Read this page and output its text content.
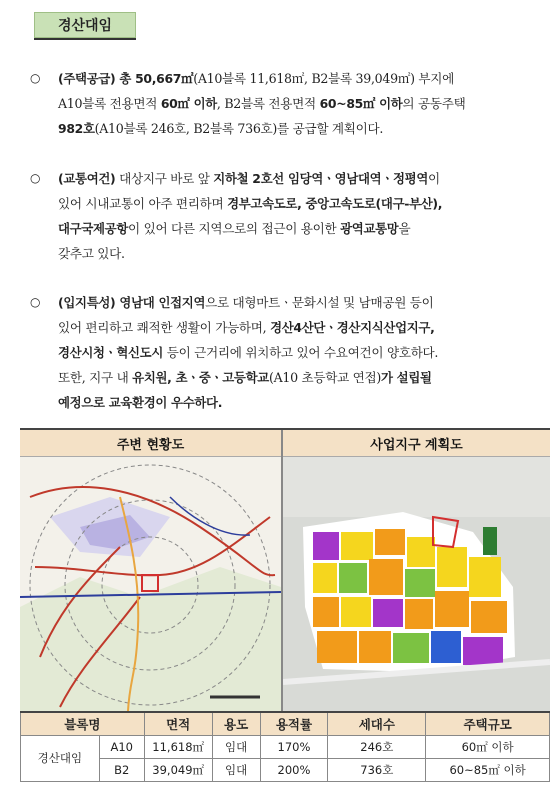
경산대임
○ (주택공급) 총 50,667㎡(A10블록 11,618㎡, B2블록 39,049㎡) 부지에
A10블록 전용면적 60㎡ 이하, B2블록 전용면적 60~85㎡ 이하의 공동주택
982호(A10블록 246호, B2블록 736호)를 공급할 계획이다.
○ (교통여건) 대상지구 바로 앞 지하철 2호선 임당역ㆍ영남대역ㆍ정평역이
있어 시내교통이 아주 편리하며 경부고속도로, 중앙고속도로(대구-부산),
대구국제공항이 있어 다른 지역으로의 접근이 용이한 광역교통망을
갖추고 있다.
○ (입지특성) 영남대 인접지역으로 대형마트ㆍ문화시설 및 남매공원 등이
있어 편리하고 쾌적한 생활이 가능하며, 경산4산단ㆍ경산지식산업지구,
경산시청ㆍ혁신도시 등이 근거리에 위치하고 있어 수요여건이 양호하다.
또한, 지구 내 유치원, 초ㆍ중ㆍ고등학교(A10 초등학교 연접)가 설립될
예정으로 교육환경이 우수하다.
주변 현황도	사업지구 계획도
블록명		면적	용도	용적률	세대수	주택규모
경산대임	A10	11,618㎡	임대	170%	246호	60㎡ 이하
	B2	39,049㎡	임대	200%	736호	60~85㎡ 이하
